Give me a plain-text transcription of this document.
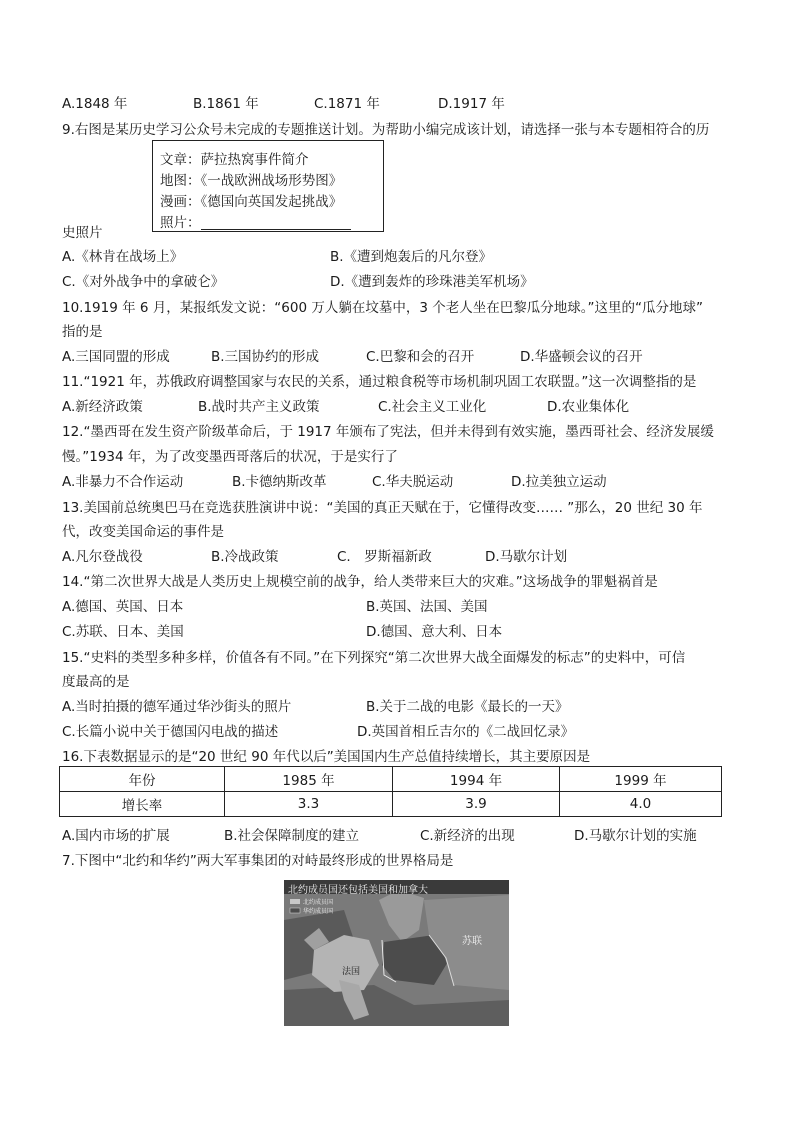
A.1848 年	B.1861 年	C.1871 年	D.1917 年
9.右图是某历史学习公众号未完成的专题推送计划。为帮助小编完成该计划，请选择一张与本专题相符合的历
文章：萨拉热窝事件简介
地图：《一战欧洲战场形势图》
漫画：《德国向英国发起挑战》
照片：
史照片
A.《林肯在战场上》	B.《遭到炮轰后的凡尔登》
C.《对外战争中的拿破仑》	D.《遭到轰炸的珍珠港美军机场》
10.1919 年 6 月，某报纸发文说：“600 万人躺在坟墓中，3 个老人坐在巴黎瓜分地球。”这里的“瓜分地球”
指的是
A.三国同盟的形成	B.三国协约的形成	C.巴黎和会的召开	D.华盛顿会议的召开
11.“1921 年，苏俄政府调整国家与农民的关系，通过粮食税等市场机制巩固工农联盟。”这一次调整指的是
A.新经济政策	B.战时共产主义政策	C.社会主义工业化	D.农业集体化
12.“墨西哥在发生资产阶级革命后，于 1917 年颁布了宪法，但并未得到有效实施，墨西哥社会、经济发展缓
慢。”1934 年，为了改变墨西哥落后的状况，于是实行了
A.非暴力不合作运动	B.卡德纳斯改革	C.华夫脱运动	D.拉美独立运动
13.美国前总统奥巴马在竞选获胜演讲中说：“美国的真正天赋在于，它懂得改变…… ”那么，20 世纪 30 年
代，改变美国命运的事件是
A.凡尔登战役	B.冷战政策	C.　罗斯福新政	D.马歇尔计划
14.“第二次世界大战是人类历史上规模空前的战争，给人类带来巨大的灾难。”这场战争的罪魁祸首是
A.德国、英国、日本	B.英国、法国、美国
C.苏联、日本、美国	D.德国、意大利、日本
15.“史料的类型多种多样，价值各有不同。”在下列探究“第二次世界大战全面爆发的标志”的史料中，可信
度最高的是
A.当时拍摄的德军通过华沙街头的照片	B.关于二战的电影《最长的一天》
C.长篇小说中关于德国闪电战的描述	D.英国首相丘吉尔的《二战回忆录》
16.下表数据显示的是“20 世纪 90 年代以后”美国国内生产总值持续增长，其主要原因是
年份	1985 年	1994 年	1999 年
增长率	3.3	3.9	4.0
A.国内市场的扩展	B.社会保障制度的建立	C.新经济的出现	D.马歇尔计划的实施
7.下图中“北约和华约”两大军事集团的对峙最终形成的世界格局是
北约成员国还包括美国和加拿大
北约成员国
华约成员国
苏联
法国
